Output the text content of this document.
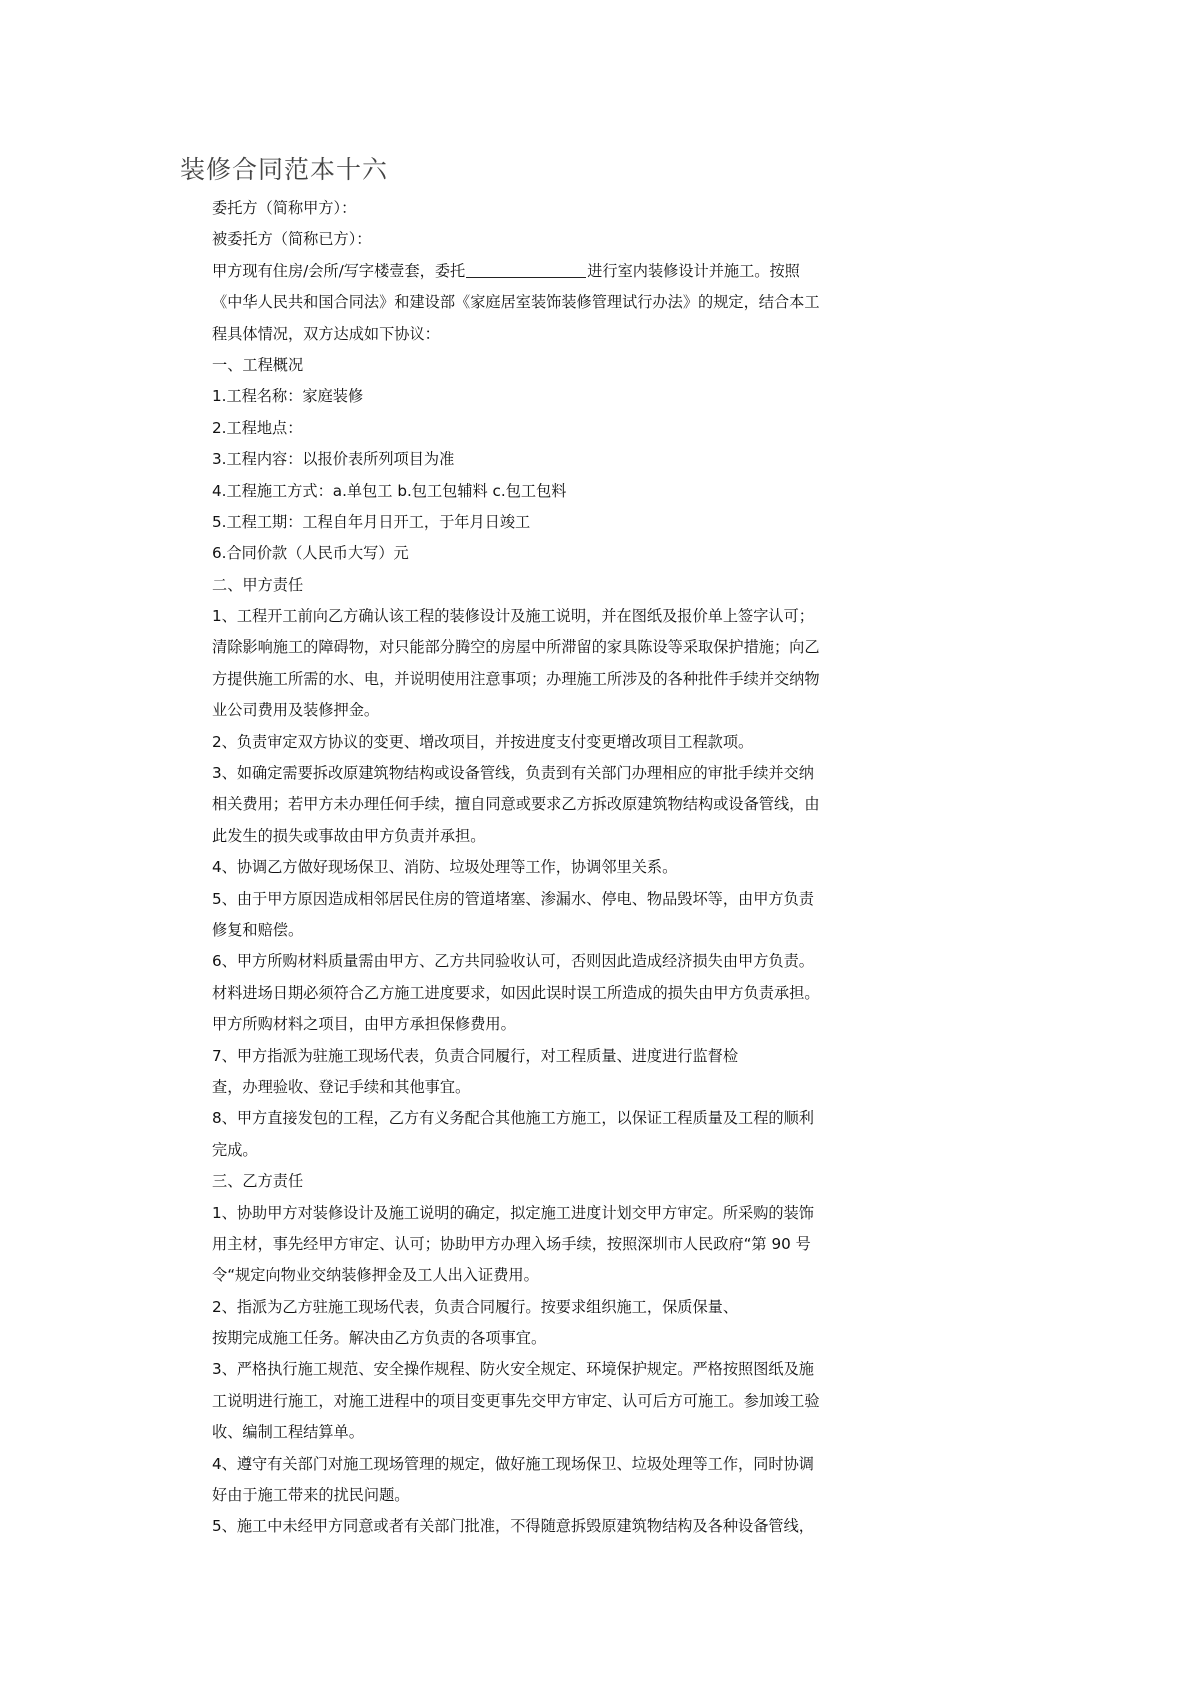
装修合同范本十六
委托方（简称甲方）：
被委托方（简称已方）：
甲方现有住房/会所/写字楼壹套，委托	进行室内装修设计并施工。按照
《中华人民共和国合同法》和建设部《家庭居室装饰装修管理试行办法》的规定，结合本工
程具体情况，双方达成如下协议：
一、工程概况
1.工程名称：家庭装修
2.工程地点：
3.工程内容：以报价表所列项目为准
4.工程施工方式：a.单包工 b.包工包辅料 c.包工包料
5.工程工期：工程自年月日开工，于年月日竣工
6.合同价款（人民币大写）元
二、甲方责任
1、工程开工前向乙方确认该工程的装修设计及施工说明，并在图纸及报价单上签字认可；
清除影响施工的障碍物，对只能部分腾空的房屋中所滞留的家具陈设等采取保护措施；向乙
方提供施工所需的水、电，并说明使用注意事项；办理施工所涉及的各种批件手续并交纳物
业公司费用及装修押金。
2、负责审定双方协议的变更、增改项目，并按进度支付变更增改项目工程款项。
3、如确定需要拆改原建筑物结构或设备管线，负责到有关部门办理相应的审批手续并交纳
相关费用；若甲方未办理任何手续，擅自同意或要求乙方拆改原建筑物结构或设备管线，由
此发生的损失或事故由甲方负责并承担。
4、协调乙方做好现场保卫、消防、垃圾处理等工作，协调邻里关系。
5、由于甲方原因造成相邻居民住房的管道堵塞、渗漏水、停电、物品毁坏等，由甲方负责
修复和赔偿。
6、甲方所购材料质量需由甲方、乙方共同验收认可，否则因此造成经济损失由甲方负责。
材料进场日期必须符合乙方施工进度要求，如因此误时误工所造成的损失由甲方负责承担。
甲方所购材料之项目，由甲方承担保修费用。
7、甲方指派为驻施工现场代表，负责合同履行，对工程质量、进度进行监督检
查，办理验收、登记手续和其他事宜。
8、甲方直接发包的工程，乙方有义务配合其他施工方施工，以保证工程质量及工程的顺利
完成。
三、乙方责任
1、协助甲方对装修设计及施工说明的确定，拟定施工进度计划交甲方审定。所采购的装饰
用主材，事先经甲方审定、认可；协助甲方办理入场手续，按照深圳市人民政府“第 90 号
令“规定向物业交纳装修押金及工人出入证费用。
2、指派为乙方驻施工现场代表，负责合同履行。按要求组织施工，保质保量、
按期完成施工任务。解决由乙方负责的各项事宜。
3、严格执行施工规范、安全操作规程、防火安全规定、环境保护规定。严格按照图纸及施
工说明进行施工，对施工进程中的项目变更事先交甲方审定、认可后方可施工。参加竣工验
收、编制工程结算单。
4、遵守有关部门对施工现场管理的规定，做好施工现场保卫、垃圾处理等工作，同时协调
好由于施工带来的扰民问题。
5、施工中未经甲方同意或者有关部门批准，不得随意拆毁原建筑物结构及各种设备管线，
